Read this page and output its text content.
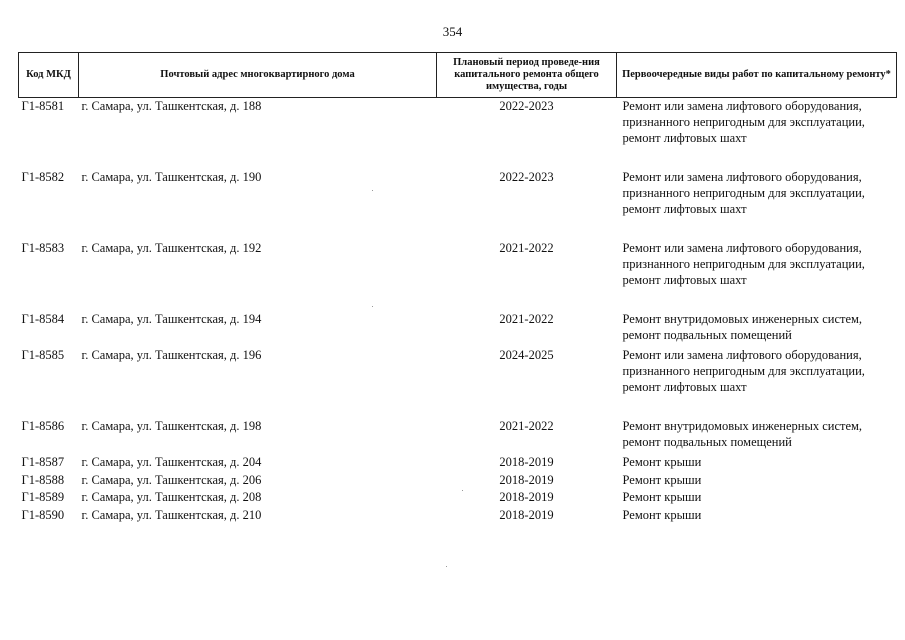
354
Код МКД	Почтовый адрес многоквартирного дома	Плановый период проведе-ния капитального ремонта общего имущества, годы	Первоочередные виды работ по капитальному ремонту*
Г1-8581	г. Самара, ул. Ташкентская, д. 188	2022-2023	Ремонт или замена лифтового оборудования, признанного непригодным для эксплуатации, ремонт лифтовых шахт
Г1-8582	г. Самара, ул. Ташкентская, д. 190	2022-2023	Ремонт или замена лифтового оборудования, признанного непригодным для эксплуатации, ремонт лифтовых шахт
Г1-8583	г. Самара, ул. Ташкентская, д. 192	2021-2022	Ремонт или замена лифтового оборудования, признанного непригодным для эксплуатации, ремонт лифтовых шахт
Г1-8584	г. Самара, ул. Ташкентская, д. 194	2021-2022	Ремонт внутридомовых инженерных систем, ремонт подвальных помещений
Г1-8585	г. Самара, ул. Ташкентская, д. 196	2024-2025	Ремонт или замена лифтового оборудования, признанного непригодным для эксплуатации, ремонт лифтовых шахт
Г1-8586	г. Самара, ул. Ташкентская, д. 198	2021-2022	Ремонт внутридомовых инженерных систем, ремонт подвальных помещений
Г1-8587	г. Самара, ул. Ташкентская, д. 204	2018-2019	Ремонт крыши
Г1-8588	г. Самара, ул. Ташкентская, д. 206	2018-2019	Ремонт крыши
Г1-8589	г. Самара, ул. Ташкентская, д. 208	2018-2019	Ремонт крыши
Г1-8590	г. Самара, ул. Ташкентская, д. 210	2018-2019	Ремонт крыши
